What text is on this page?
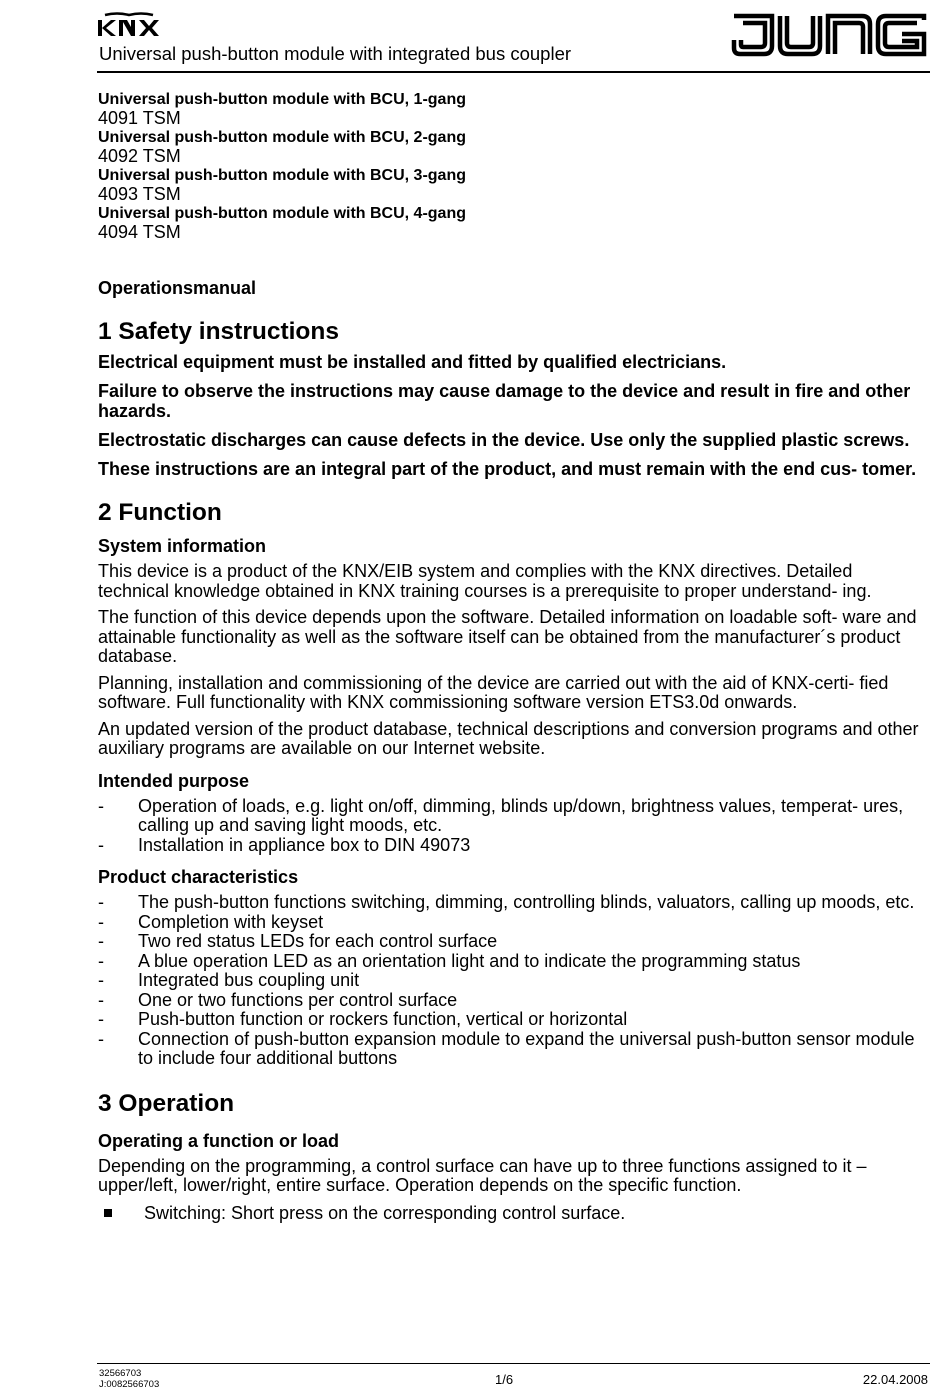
Universal push-button module with integrated bus coupler
Universal push-button module with BCU, 1-gang
4091 TSM
Universal push-button module with BCU, 2-gang
4092 TSM
Universal push-button module with BCU, 3-gang
4093 TSM
Universal push-button module with BCU, 4-gang
4094 TSM

Operationsmanual

1 Safety instructions

Electrical equipment must be installed and fitted by qualified electricians.

Failure to observe the instructions may cause damage to the device and result in fire and other hazards.

Electrostatic discharges can cause defects in the device. Use only the supplied plastic screws.

These instructions are an integral part of the product, and must remain with the end cus- tomer.

2 Function
System information

This device is a product of the KNX/EIB system and complies with the KNX directives. Detailed technical knowledge obtained in KNX training courses is a prerequisite to proper understand- ing.

The function of this device depends upon the software. Detailed information on loadable soft- ware and attainable functionality as well as the software itself can be obtained from the manufacturer´s product database.

Planning, installation and commissioning of the device are carried out with the aid of KNX-certi- fied software. Full functionality with KNX commissioning software version ETS3.0d onwards.

An updated version of the product database, technical descriptions and conversion programs and other auxiliary programs are available on our Internet website.

Intended purpose
- Operation of loads, e.g. light on/off, dimming, blinds up/down, brightness values, temperat- ures, calling up and saving light moods, etc.
- Installation in appliance box to DIN 49073
Product characteristics
- The push-button functions switching, dimming, controlling blinds, valuators, calling up moods, etc.
- Completion with keyset
- Two red status LEDs for each control surface
- A blue operation LED as an orientation light and to indicate the programming status
- Integrated bus coupling unit
- One or two functions per control surface
- Push-button function or rockers function, vertical or horizontal
- Connection of push-button expansion module to expand the universal push-button sensor module to include four additional buttons
3 Operation
Operating a function or load

Depending on the programming, a control surface can have up to three functions assigned to it – upper/left, lower/right, entire surface. Operation depends on the specific function.

Switching: Short press on the corresponding control surface.
32566703
J:0082566703	1/6	22.04.2008
